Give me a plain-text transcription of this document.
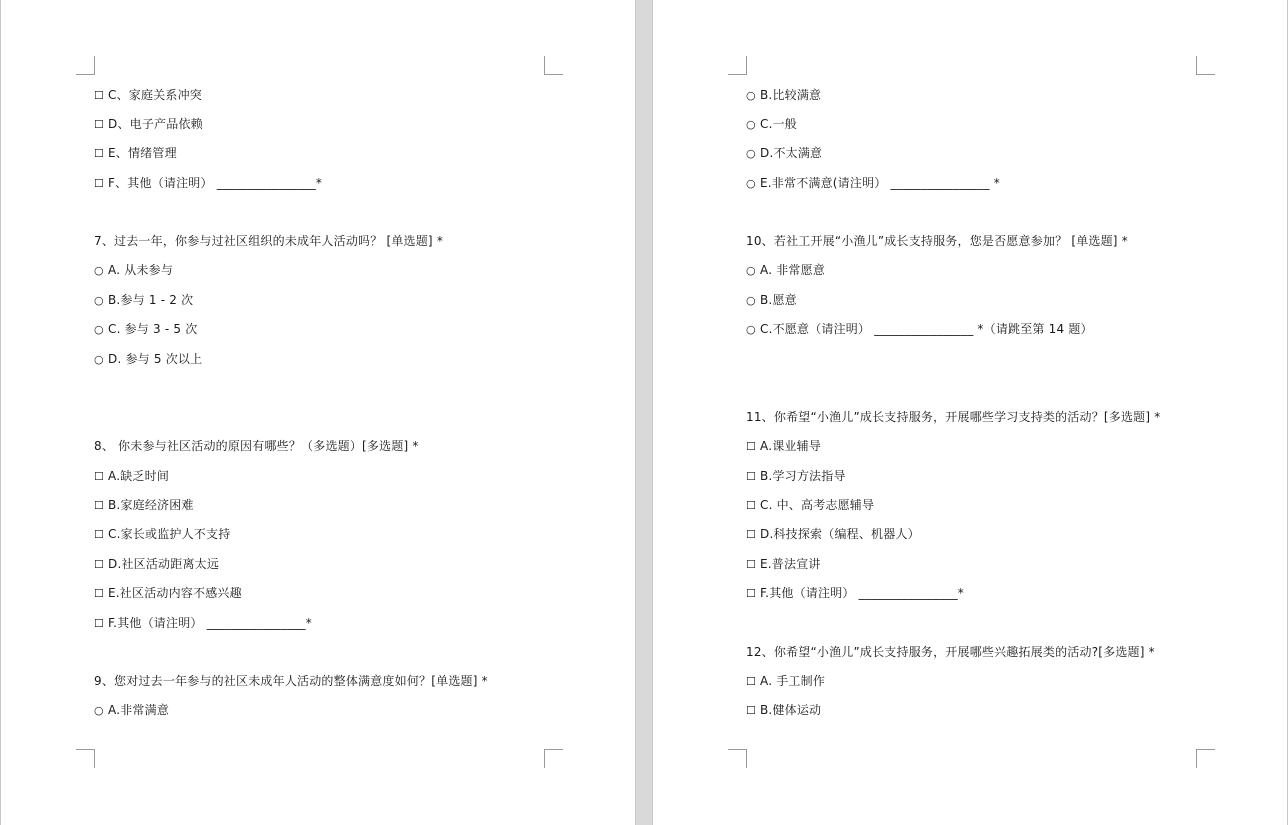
☐ C、家庭关系冲突
☐ D、电子产品依赖
☐ E、情绪管理
☐ F、其他（请注明） ________________*
7、过去一年，你参与过社区组织的未成年人活动吗？ [单选题] *
○ A. 从未参与
○ B.参与 1 - 2 次
○ C. 参与 3 - 5 次
○ D. 参与 5 次以上
8、 你未参与社区活动的原因有哪些？（多选题）[多选题] *
☐ A.缺乏时间
☐ B.家庭经济困难
☐ C.家长或监护人不支持
☐ D.社区活动距离太远
☐ E.社区活动内容不感兴趣
☐ F.其他（请注明） ________________*
9、您对过去一年参与的社区未成年人活动的整体满意度如何？[单选题] *
○ A.非常满意
○ B.比较满意
○ C.一般
○ D.不太满意
○ E.非常不满意(请注明） ________________ *
10、若社工开展“小渔儿”成长支持服务，您是否愿意参加？ [单选题] *
○ A. 非常愿意
○ B.愿意
○ C.不愿意（请注明） ________________ *（请跳至第 14 题）
11、你希望“小渔儿”成长支持服务，开展哪些学习支持类的活动？[多选题] *
☐ A.课业辅导
☐ B.学习方法指导
☐ C. 中、高考志愿辅导
☐ D.科技探索（编程、机器人）
☐ E.普法宣讲
☐ F.其他（请注明） ________________*
12、你希望“小渔儿”成长支持服务，开展哪些兴趣拓展类的活动?[多选题] *
☐ A. 手工制作
☐ B.健体运动
